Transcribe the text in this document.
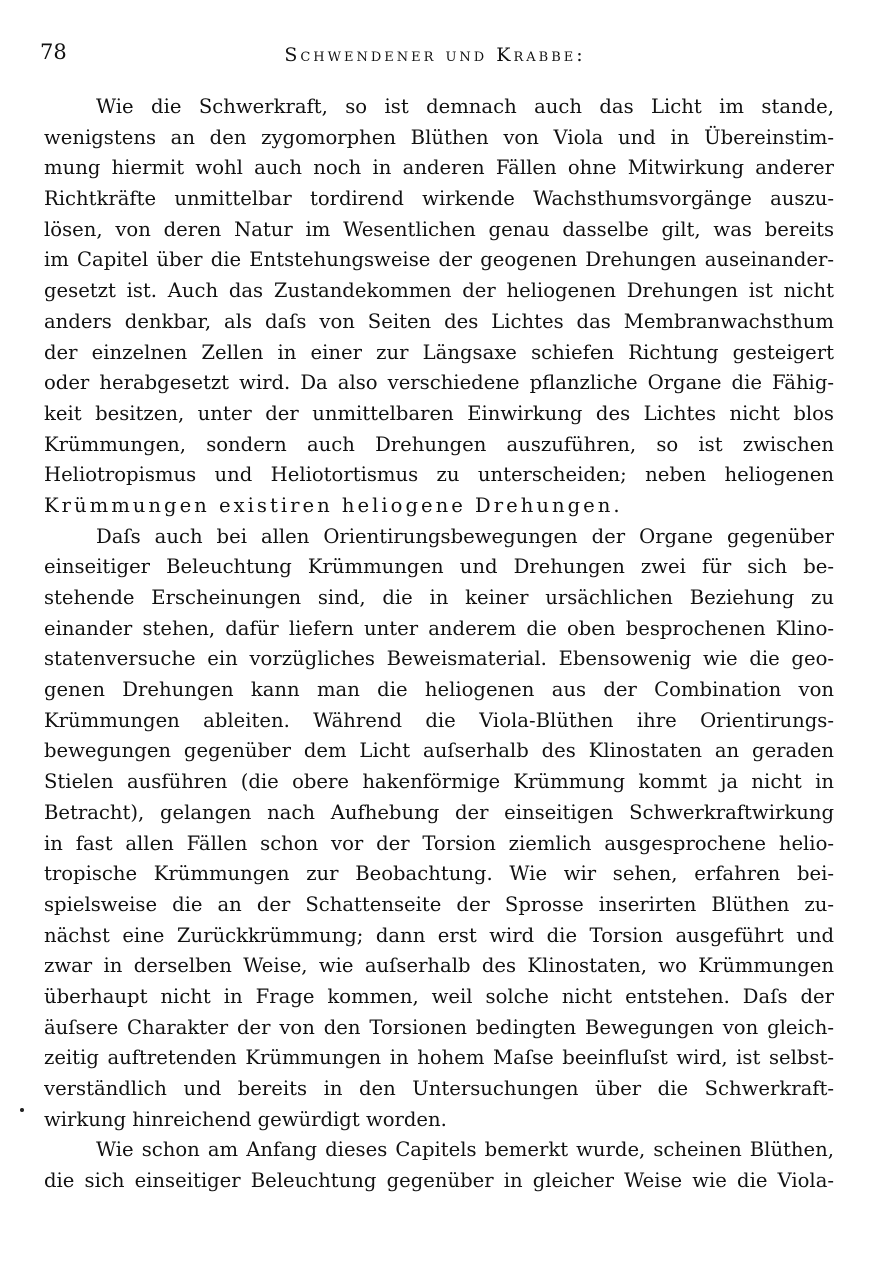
78	Schwendener und Krabbe:
Wie die Schwerkraft, so ist demnach auch das Licht im stande,
wenigstens an den zygomorphen Blüthen von Viola und in Übereinstim-
mung hiermit wohl auch noch in anderen Fällen ohne Mitwirkung anderer
Richtkräfte unmittelbar tordirend wirkende Wachsthumsvorgänge auszu-
lösen, von deren Natur im Wesentlichen genau dasselbe gilt, was bereits
im Capitel über die Entstehungsweise der geogenen Drehungen auseinander-
gesetzt ist. Auch das Zustandekommen der heliogenen Drehungen ist nicht
anders denkbar, als daſs von Seiten des Lichtes das Membranwachsthum
der einzelnen Zellen in einer zur Längsaxe schiefen Richtung gesteigert
oder herabgesetzt wird. Da also verschiedene pflanzliche Organe die Fähig-
keit besitzen, unter der unmittelbaren Einwirkung des Lichtes nicht blos
Krümmungen, sondern auch Drehungen auszuführen, so ist zwischen
Heliotropismus und Heliotortismus zu unterscheiden; neben heliogenen
Krümmungen existiren heliogene Drehungen.
Daſs auch bei allen Orientirungsbewegungen der Organe gegenüber
einseitiger Beleuchtung Krümmungen und Drehungen zwei für sich be-
stehende Erscheinungen sind, die in keiner ursächlichen Beziehung zu
einander stehen, dafür liefern unter anderem die oben besprochenen Klino-
statenversuche ein vorzügliches Beweismaterial. Ebensowenig wie die geo-
genen Drehungen kann man die heliogenen aus der Combination von
Krümmungen ableiten. Während die Viola-Blüthen ihre Orientirungs-
bewegungen gegenüber dem Licht auſserhalb des Klinostaten an geraden
Stielen ausführen (die obere hakenförmige Krümmung kommt ja nicht in
Betracht), gelangen nach Aufhebung der einseitigen Schwerkraftwirkung
in fast allen Fällen schon vor der Torsion ziemlich ausgesprochene helio-
tropische Krümmungen zur Beobachtung. Wie wir sehen, erfahren bei-
spielsweise die an der Schattenseite der Sprosse inserirten Blüthen zu-
nächst eine Zurückkrümmung; dann erst wird die Torsion ausgeführt und
zwar in derselben Weise, wie auſserhalb des Klinostaten, wo Krümmungen
überhaupt nicht in Frage kommen, weil solche nicht entstehen. Daſs der
äuſsere Charakter der von den Torsionen bedingten Bewegungen von gleich-
zeitig auftretenden Krümmungen in hohem Maſse beeinfluſst wird, ist selbst-
verständlich und bereits in den Untersuchungen über die Schwerkraft-
wirkung hinreichend gewürdigt worden.
Wie schon am Anfang dieses Capitels bemerkt wurde, scheinen Blüthen,
die sich einseitiger Beleuchtung gegenüber in gleicher Weise wie die Viola-
